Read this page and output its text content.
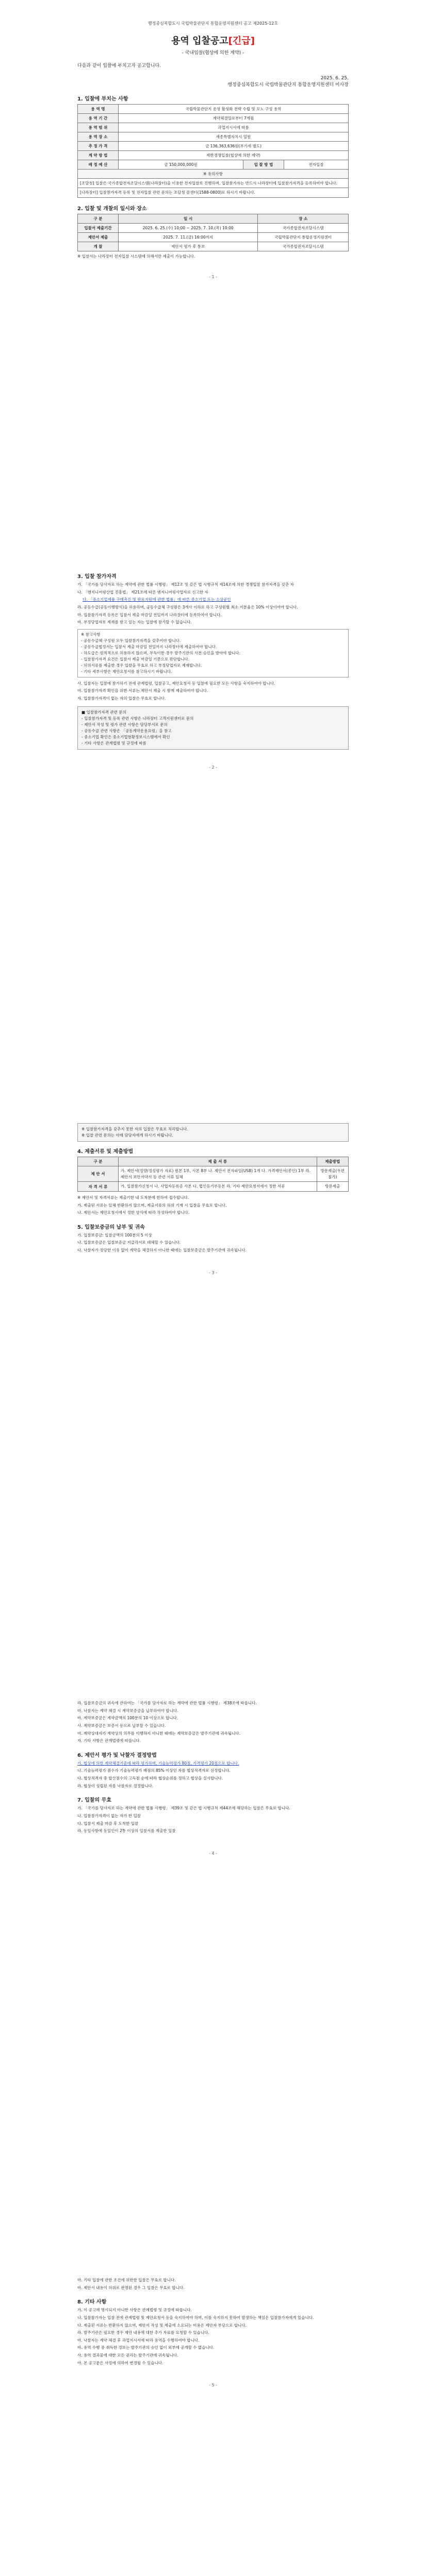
행정중심복합도시 국립박물관단지 통합운영지원센터 공고 제2025-12호
용역 입찰공고[긴급]
- 국내입찰(협상에 의한 계약) -
다음과 같이 입찰에 부치고자 공고합니다.
2025. 6. 25.
행정중심복합도시 국립박물관단지 통합운영지원센터 이사장
1. 입찰에 부치는 사항
용 역 명	국립박물관단지 운영 활성화 전략 수립 및 모노 구성 용역		
용 역 기 간	계약체결일로부터 7개월		
용 역 범 위	과업지시서에 따름		
용 역 장 소	세종특별자치시 일원		
추 정 가 격	금 136,363,636원(부가세 별도)		
계 약 방 법	제한경쟁입찰(협상에 의한 계약)		
배 정 예 산	금 150,000,000원	입 찰 방 법	전자입찰
※ 유의사항			
[조달청] 입찰은 국가종합전자조달시스템(나라장터)을 이용한 전자입찰로 진행하며, 입찰참가자는 반드시 나라장터에 입찰참가자격을 등록하여야 합니다.			
[나라장터] 입찰참가자격 등록 및 전자입찰 관련 문의는 조달청 콜센터(1588-0800)로 하시기 바랍니다.			
2. 입찰 및 개찰의 일시와 장소
구 분	일 시	장 소
입찰서 제출기간	2025. 6. 25.(수) 10:00 ~ 2025. 7. 10.(목) 10:00	국가종합전자조달시스템
제안서 제출	2025. 7. 11.(금) 16:00까지	국립박물관단지 통합운영지원센터
개 찰	제안서 평가 후 통보	국가종합전자조달시스템
※ 입찰서는 나라장터 전자입찰 시스템에 의해서만 제출이 가능합니다.
- 1 -
3. 입찰 참가자격
가. 「국가를 당사자로 하는 계약에 관한 법률 시행령」 제12조 및 같은 법 시행규칙 제14조에 의한 경쟁입찰 참가자격을 갖춘 자
나. 「엔지니어링산업 진흥법」 제21조에 따른 엔지니어링사업자로 신고한 자
다. 「중소기업제품 구매촉진 및 판로지원에 관한 법률」에 따른 중소기업 또는 소상공인
라. 공동수급(공동이행방식)을 허용하며, 공동수급체 구성원은 3개사 이하로 하고 구성원별 최소 지분율은 10% 이상이어야 합니다.
마. 입찰참가자격 등록은 입찰서 제출 마감일 전일까지 나라장터에 등록하여야 합니다.
바. 부정당업자로 제재를 받고 있는 자는 입찰에 참가할 수 없습니다.
※ 참고사항
- 공동수급체 구성원 모두 입찰참가자격을 갖추어야 합니다.
- 공동수급협정서는 입찰서 제출 마감일 전일까지 나라장터에 제출하여야 합니다.
- 하도급은 원칙적으로 허용하지 않으며, 부득이한 경우 발주기관의 사전 승인을 받아야 합니다.
- 입찰참가자격 요건은 입찰서 제출 마감일 기준으로 판단합니다.
- 허위서류를 제출한 경우 입찰을 무효로 하고 부정당업자로 제재합니다.
- 기타 세부사항은 제안요청서를 참고하시기 바랍니다.
사. 입찰자는 입찰에 참가하기 전에 관계법령, 입찰공고, 제안요청서 등 입찰에 필요한 모든 사항을 숙지하여야 합니다.
아. 입찰참가자격 확인을 위한 서류는 제안서 제출 시 함께 제출하여야 합니다.
자. 입찰참가자격이 없는 자의 입찰은 무효로 합니다.
■ 입찰참가자격 관련 문의
- 입찰참가자격 및 등록 관련 사항은 나라장터 고객지원센터로 문의
- 제안서 작성 및 평가 관련 사항은 담당부서로 문의
- 공동수급 관련 사항은 「공동계약운용요령」을 참고
- 중소기업 확인은 중소기업현황정보시스템에서 확인
- 기타 사항은 관계법령 및 규정에 따름
- 2 -
※ 입찰참가자격을 갖추지 못한 자의 입찰은 무효로 처리합니다.
※ 입찰 관련 문의는 아래 담당자에게 하시기 바랍니다.
4. 제출서류 및 제출방법
구 분	제 출 서 류	제출방법
제 안 서	가. 제안서(정량/정성평가 자료) 원본 1부, 사본 8부 나. 제안서 전자파일(USB) 1개 다. 가격제안서(봉인) 1부 라. 제안서 보안서약서 등 관련 서류 일체	방문제출(우편 불가)
자 격 서 류	가. 입찰참가신청서 나. 사업자등록증 사본 다. 법인등기부등본 라. 기타 제안요청서에서 정한 서류	방문제출
※ 제안서 및 자격서류는 제출기한 내 도착분에 한하여 접수합니다.
가. 제출된 서류는 일체 반환하지 않으며, 제출서류의 허위 기재 시 입찰을 무효로 합니다.
나. 제안서는 제안요청서에서 정한 양식에 따라 작성하여야 합니다.
5. 입찰보증금의 납부 및 귀속
가. 입찰보증금: 입찰금액의 100분의 5 이상
나. 입찰보증금은 입찰보증금 지급각서로 대체할 수 있습니다.
다. 낙찰자가 정당한 이유 없이 계약을 체결하지 아니한 때에는 입찰보증금은 발주기관에 귀속됩니다.
- 3 -
라. 입찰보증금의 귀속에 관하여는 「국가를 당사자로 하는 계약에 관한 법률 시행령」 제38조에 따릅니다.
마. 낙찰자는 계약 체결 시 계약보증금을 납부하여야 합니다.
바. 계약보증금은 계약금액의 100분의 10 이상으로 합니다.
사. 계약보증금은 보증서 등으로 납부할 수 있습니다.
아. 계약상대자가 계약상의 의무를 이행하지 아니한 때에는 계약보증금은 발주기관에 귀속됩니다.
자. 기타 사항은 관계법령에 따릅니다.
6. 제안서 평가 및 낙찰자 결정방법
가. 협상에 의한 계약체결기준에 따라 평가하며, 기술능력평가 80점, 가격평가 20점으로 합니다.
나. 기술능력평가 점수가 기술능력평가 배점의 85% 이상인 자를 협상적격자로 선정합니다.
다. 협상적격자 중 합산점수의 고득점 순에 따라 협상순위를 정하고 협상을 실시합니다.
라. 협상이 성립된 자를 낙찰자로 결정합니다.
7. 입찰의 무효
가. 「국가를 당사자로 하는 계약에 관한 법률 시행령」 제39조 및 같은 법 시행규칙 제44조에 해당하는 입찰은 무효로 합니다.
나. 입찰참가자격이 없는 자가 한 입찰
다. 입찰서 제출 마감 후 도착한 입찰
라. 동일사항에 동일인이 2통 이상의 입찰서를 제출한 입찰
- 4 -
마. 기타 입찰에 관한 조건에 위반한 입찰은 무효로 합니다.
바. 제안서 내용이 허위로 판명된 경우 그 입찰은 무효로 합니다.
8. 기타 사항
가. 이 공고에 명시되지 아니한 사항은 관계법령 및 규정에 따릅니다.
나. 입찰참가자는 입찰 전에 관계법령 및 제안요청서 등을 숙지하여야 하며, 이를 숙지하지 못하여 발생하는 책임은 입찰참가자에게 있습니다.
다. 제출된 서류는 반환하지 않으며, 제안서 작성 및 제출에 소요되는 비용은 제안자 부담으로 합니다.
라. 발주기관은 필요한 경우 제안 내용에 대한 추가 자료를 요청할 수 있습니다.
마. 낙찰자는 계약 체결 후 과업지시서에 따라 용역을 수행하여야 합니다.
바. 용역 수행 중 취득한 정보는 발주기관의 승인 없이 외부에 공개할 수 없습니다.
사. 용역 결과물에 대한 모든 권리는 발주기관에 귀속됩니다.
아. 본 공고문은 사정에 의하여 변경될 수 있습니다.
- 5 -
